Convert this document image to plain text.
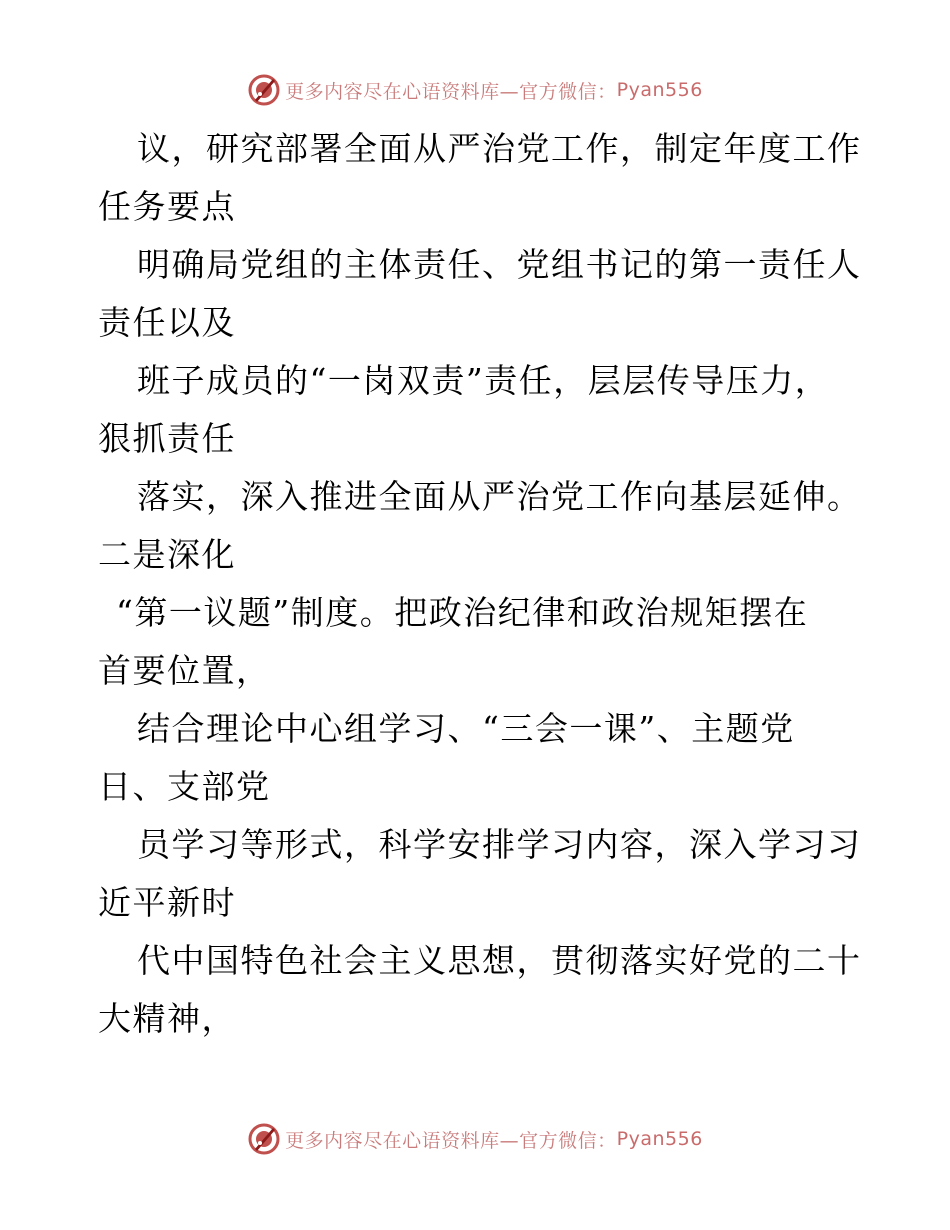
更多内容尽在心语资料库—官方微信： Pyan556
议，研究部署全面从严治党工作，制定年度工作
任务要点
明确局党组的主体责任、党组书记的第一责任人
责任以及
班子成员的“一岗双责”责任，层层传导压力，
狠抓责任
落实，深入推进全面从严治党工作向基层延伸。
二是深化
“第一议题”制度。把政治纪律和政治规矩摆在
首要位置，
结合理论中心组学习、“三会一课”、主题党
日、支部党
员学习等形式，科学安排学习内容，深入学习习
近平新时
代中国特色社会主义思想，贯彻落实好党的二十
大精神，
更多内容尽在心语资料库—官方微信： Pyan556
